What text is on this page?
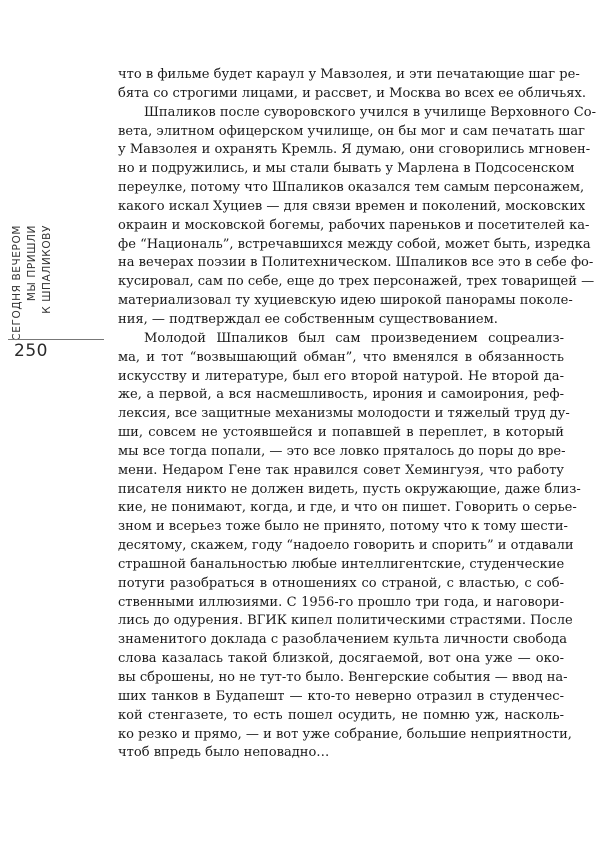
СЕГОДНЯ ВЕЧЕРОМ МЫ ПРИШЛИ К ШПАЛИКОВУ
250

что в фильме будет караул у Мавзолея, и эти печатающие шаг ре-
бята со строгими лицами, и рассвет, и Москва во всех ее обличьях.

Шпаликов после суворовского учился в училище Верховного Со-
вета, элитном офицерском училище, он бы мог и сам печатать шаг
у Мавзолея и охранять Кремль. Я думаю, они сговорились мгновен-
но и подружились, и мы стали бывать у Марлена в Подсосенском
переулке, потому что Шпаликов оказался тем самым персонажем,
какого искал Хуциев — для связи времен и поколений, московских
окраин и московской богемы, рабочих пареньков и посетителей ка-
фе “Националь”, встречавшихся между собой, может быть, изредка
на вечерах поэзии в Политехническом. Шпаликов все это в себе фо-
кусировал, сам по себе, еще до трех персонажей, трех товарищей —
материализовал ту хуциевскую идею широкой панорамы поколе-
ния, — подтверждал ее собственным существованием.

Молодой Шпаликов был сам произведением соцреализ-
ма, и тот “возвышающий обман”, что вменялся в обязанность
искусству и литературе, был его второй натурой. Не второй да-
же, а первой, а вся насмешливость, ирония и самоирония, реф-
лексия, все защитные механизмы молодости и тяжелый труд ду-
ши, совсем не устоявшейся и попавшей в переплет, в который
мы все тогда попали, — это все ловко пряталось до поры до вре-
мени. Недаром Гене так нравился совет Хемингуэя, что работу
писателя никто не должен видеть, пусть окружающие, даже близ-
кие, не понимают, когда, и где, и что он пишет. Говорить о серье-
зном и всерьез тоже было не принято, потому что к тому шести-
десятому, скажем, году “надоело говорить и спорить” и отдавали
страшной банальностью любые интеллигентские, студенческие
потуги разобраться в отношениях со страной, с властью, с соб-
ственными иллюзиями. С 1956-го прошло три года, и наговори-
лись до одурения. ВГИК кипел политическими страстями. После
знаменитого доклада с разоблачением культа личности свобода
слова казалась такой близкой, досягаемой, вот она уже — око-
вы сброшены, но не тут-то было. Венгерские события — ввод на-
ших танков в Будапешт — кто-то неверно отразил в студенчес-
кой стенгазете, то есть пошел осудить, не помню уж, насколь-
ко резко и прямо, — и вот уже собрание, большие неприятности,
чтоб впредь было неповадно…
